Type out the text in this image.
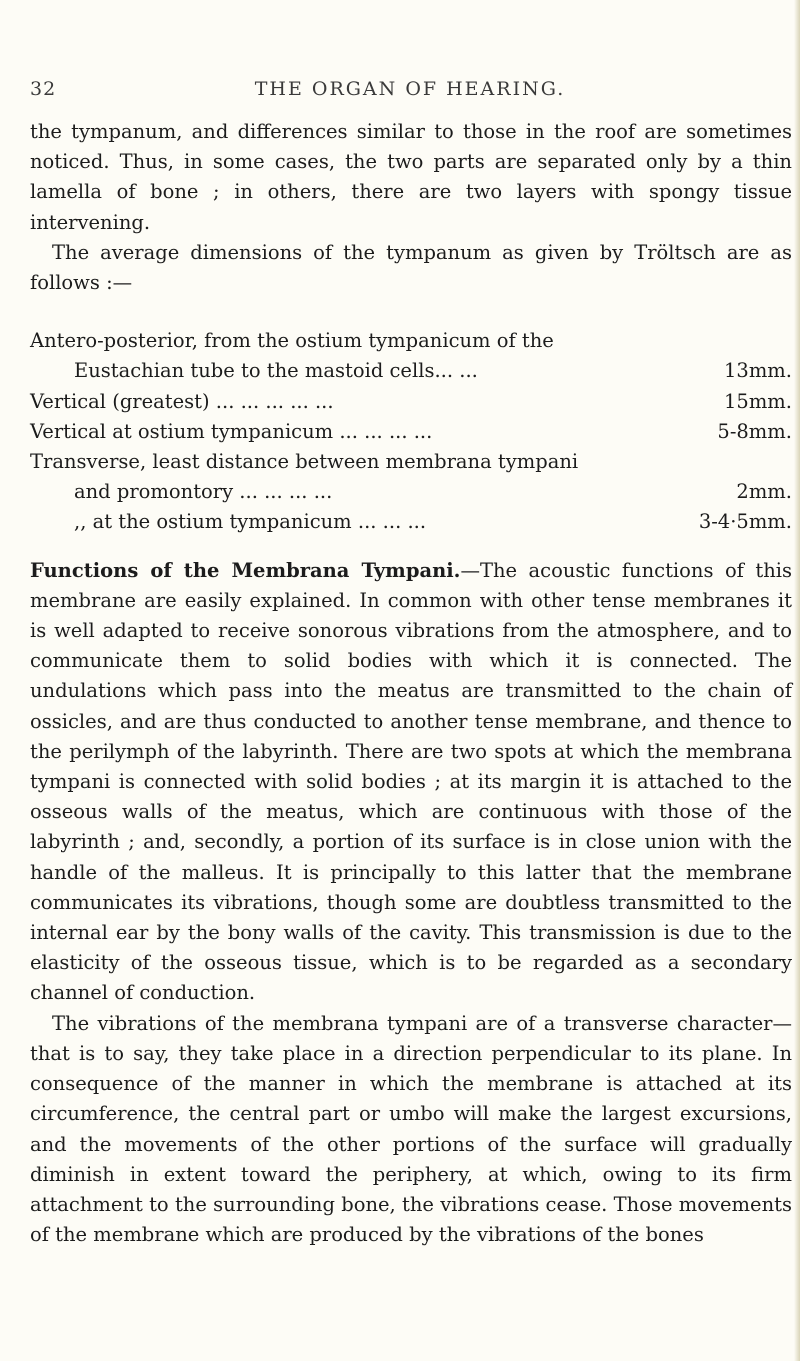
32	THE ORGAN OF HEARING.

the tympanum, and differences similar to those in the roof are sometimes noticed. Thus, in some cases, the two parts are separated only by a thin lamella of bone ; in others, there are two layers with spongy tissue intervening.

The average dimensions of the tympanum as given by Tröltsch are as follows :—

Antero-posterior, from the ostium tympanicum of the	
Eustachian tube to the mastoid cells... ...	13mm.
Vertical (greatest) ... ... ... ... ...	15mm.
Vertical at ostium tympanicum ... ... ... ...	5-8mm.
Transverse, least distance between membrana tympani	
and promontory ... ... ... ...	2mm.
,, at the ostium tympanicum ... ... ...	3-4·5mm.

Functions of the Membrana Tympani.—The acoustic functions of this membrane are easily explained. In common with other tense membranes it is well adapted to receive sonorous vibrations from the atmosphere, and to communicate them to solid bodies with which it is connected. The undulations which pass into the meatus are transmitted to the chain of ossicles, and are thus conducted to another tense membrane, and thence to the perilymph of the labyrinth. There are two spots at which the membrana tympani is connected with solid bodies ; at its margin it is attached to the osseous walls of the meatus, which are continuous with those of the labyrinth ; and, secondly, a portion of its surface is in close union with the handle of the malleus. It is principally to this latter that the membrane communicates its vibrations, though some are doubtless transmitted to the internal ear by the bony walls of the cavity. This transmission is due to the elasticity of the osseous tissue, which is to be regarded as a secondary channel of conduction.

The vibrations of the membrana tympani are of a transverse character—that is to say, they take place in a direction perpendicular to its plane. In consequence of the manner in which the membrane is attached at its circumference, the central part or umbo will make the largest excursions, and the movements of the other portions of the surface will gradually diminish in extent toward the periphery, at which, owing to its firm attachment to the surrounding bone, the vibrations cease. Those movements of the membrane which are produced by the vibrations of the bones
